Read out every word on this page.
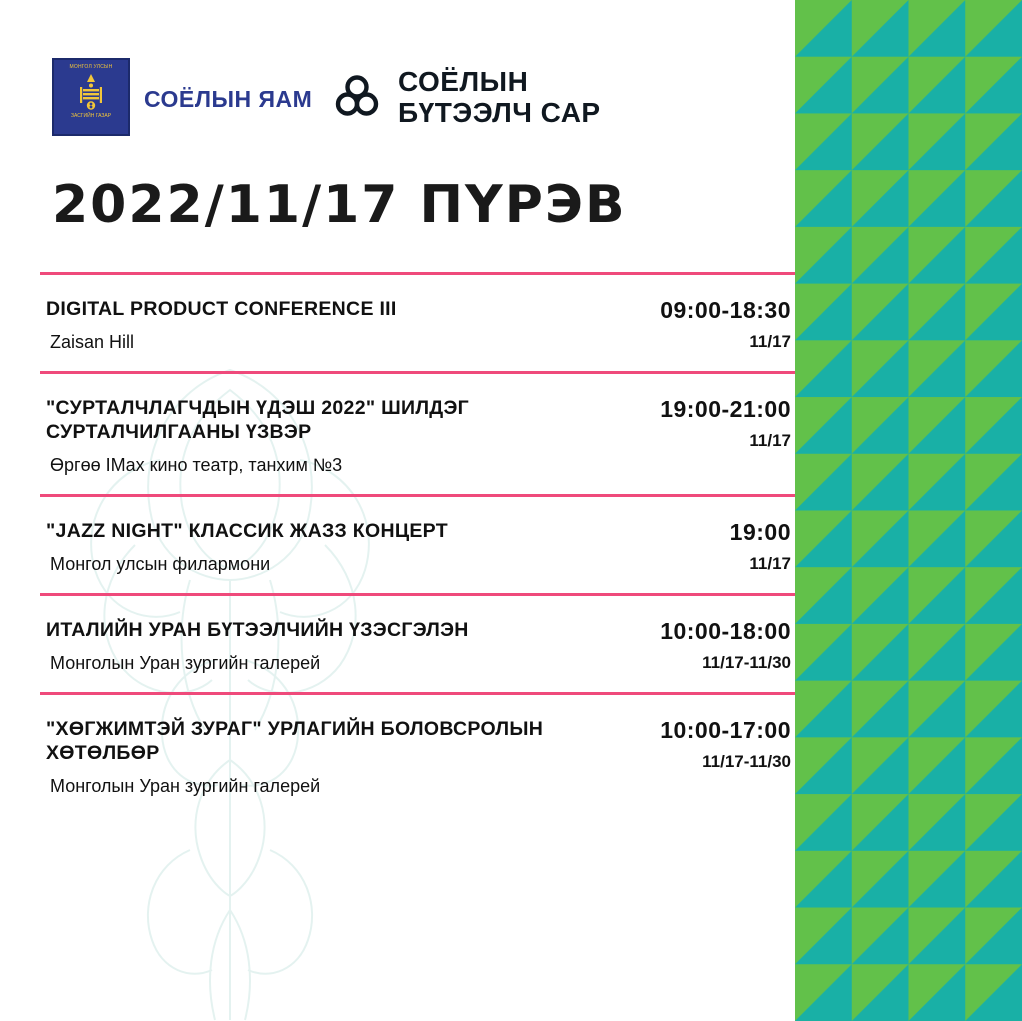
МОНГОЛ УЛСЫН
ЗАСГИЙН ГАЗАР
СОЁЛЫН ЯАМ
СОЁЛЫН
БҮТЭЭЛЧ САР
2022/11/17 ПҮРЭВ
DIGITAL PRODUCT CONFERENCE III
Zaisan Hill
09:00-18:30
11/17
"СУРТАЛЧЛАГЧДЫН ҮДЭШ 2022" ШИЛДЭГ СУРТАЛЧИЛГААНЫ ҮЗВЭР
Өргөө IMax кино театр, танхим №3
19:00-21:00
11/17
"JAZZ NIGHT" КЛАССИК ЖАЗЗ КОНЦЕРТ
Монгол улсын филармони
19:00
11/17
ИТАЛИЙН УРАН БҮТЭЭЛЧИЙН ҮЗЭСГЭЛЭН
Монголын Уран зургийн галерей
10:00-18:00
11/17-11/30
"ХӨГЖИМТЭЙ ЗУРАГ" УРЛАГИЙН БОЛОВСРОЛЫН ХӨТӨЛБӨР
Монголын Уран зургийн галерей
10:00-17:00
11/17-11/30
